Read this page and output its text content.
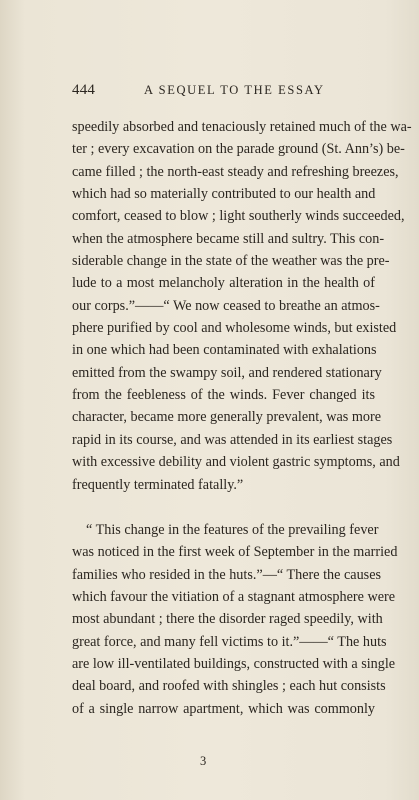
444	A SEQUEL TO THE ESSAY
speedily absorbed and tenaciously retained much of the wa-
ter ; every excavation on the parade ground (St. Ann’s) be-
came filled ; the north-east steady and refreshing breezes,
which had so materially contributed to our health and
comfort, ceased to blow ; light southerly winds succeeded,
when the atmosphere became still and sultry. This con-
siderable change in the state of the weather was the pre-
lude to a most melancholy alteration in the health of
our corps.”——“ We now ceased to breathe an atmos-
phere purified by cool and wholesome winds, but existed
in one which had been contaminated with exhalations
emitted from the swampy soil, and rendered stationary
from the feebleness of the winds. Fever changed its
character, became more generally prevalent, was more
rapid in its course, and was attended in its earliest stages
with excessive debility and violent gastric symptoms, and
frequently terminated fatally.”
“ This change in the features of the prevailing fever
was noticed in the first week of September in the married
families who resided in the huts.”—“ There the causes
which favour the vitiation of a stagnant atmosphere were
most abundant ; there the disorder raged speedily, with
great force, and many fell victims to it.”——“ The huts
are low ill-ventilated buildings, constructed with a single
deal board, and roofed with shingles ; each hut consists
of a single narrow apartment, which was commonly
3
